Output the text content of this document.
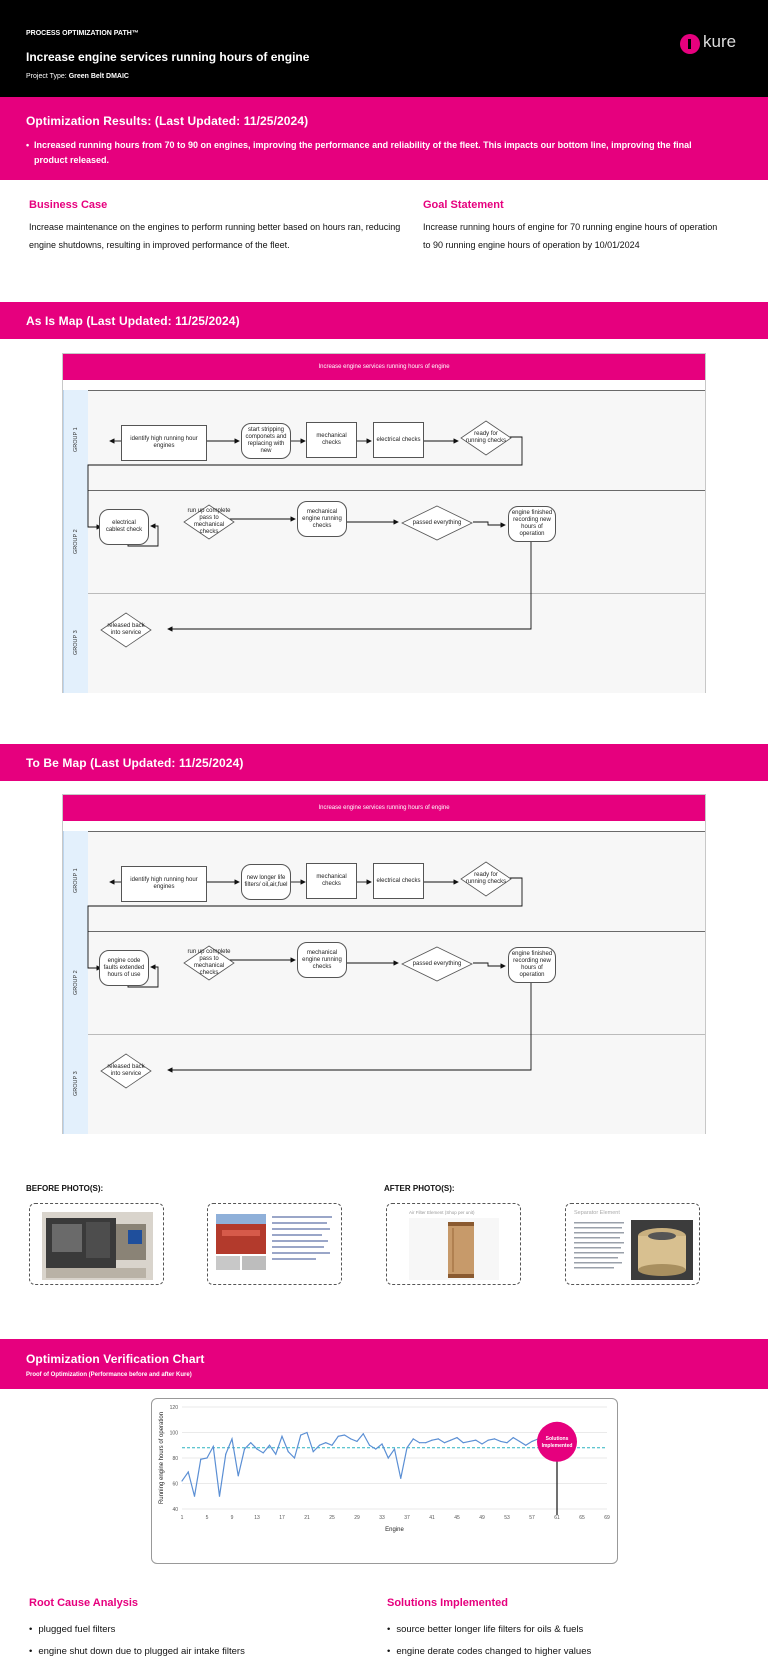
PROCESS OPTIMIZATION PATH™
Increase engine services running hours of engine
Project Type: Green Belt DMAIC
kure
Optimization Results: (Last Updated: 11/25/2024)
• Increased running hours from 70 to 90 on engines, improving the performance and reliability of the fleet. This impacts our bottom line, improving the final product released.
Business Case
Increase maintenance on the engines to perform running better based on hours ran, reducing engine shutdowns, resulting in improved performance of the fleet.
Goal Statement
Increase running hours of engine for 70 running engine hours of operation to 90 running engine hours of operation by 10/01/2024
As Is Map (Last Updated: 11/25/2024)
Increase engine services running hours of engine
GROUP 1
GROUP 2
GROUP 3
identify high running hour engines
start stripping componets and replacing with new
mechanical checks
electrical checks
ready for running checks
electrical cablest check
run up complete pass to mechanical checks
mechanical engine running checks	passed everything
engine finished recording new hours of operation
released back into service
To Be Map (Last Updated: 11/25/2024)
Increase engine services running hours of engine
GROUP 1
GROUP 2
GROUP 3
identify high running hour engines
new longer life filters/ oil,air,fuel
mechanical checks
electrical checks
ready for running checks
engine code faults extended hours of use
run up complete pass to mechanical checks
mechanical engine running checks	passed everything
engine finished recording new hours of operation
released back into service
BEFORE PHOTO(S):	AFTER PHOTO(S):
Air Filter Element (Shop per unit)	Separator Element
Optimization Verification Chart
Proof of Optimization (Performance before and after Kure)
40
60
80
100
120
1	5	9	13	17	21	25	29	33	37	41	45	49	53	57	61	65	69
Engine
Running engine hours of operation	Solutions
Implemented
Root Cause Analysis
• plugged fuel filters
• engine shut down due to plugged air intake filters
Solutions Implemented
• source better longer life filters for oils & fuels
• engine derate codes changed to higher values
